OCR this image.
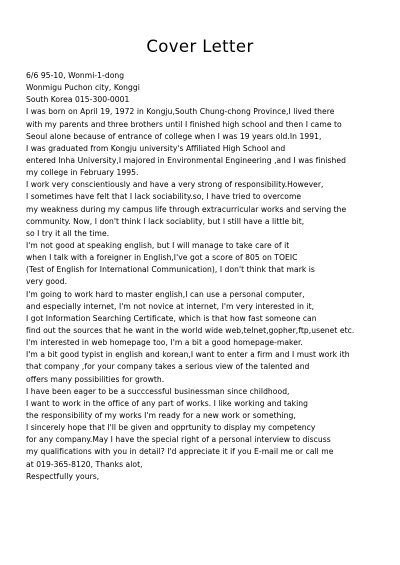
Cover Letter
6/6 95-10, Wonmi-1-dong
Wonmigu Puchon city, Konggi
South Korea 015-300-0001
I was born on April 19, 1972 in Kongju,South Chung-chong Province,I lived there
with my parents and three brothers until I finished high school and then I came to
Seoul alone because of entrance of college when I was 19 years old.In 1991,
I was graduated from Kongju university's Affiliated High School and
entered Inha University,I majored in Environmental Engineering ,and I was finished
my college in February 1995.
I work very conscientiously and have a very strong of responsibility.However,
I sometimes have felt that I lack sociability.so, I have tried to overcome
my weakness during my campus life through extracurricular works and serving the
community. Now, I don't think I lack sociablity, but I still have a little bit,
so I try it all the time.
I'm not good at speaking english, but I will manage to take care of it
when I talk with a foreigner in English,I've got a score of 805 on TOEIC
(Test of English for International Communication), I don't think that mark is
very good.
I'm going to work hard to master english,I can use a personal computer,
and especially internet, I'm not novice at internet, I'm very interested in it,
I got Information Searching Certificate, which is that how fast someone can
find out the sources that he want in the world wide web,telnet,gopher,ftp,usenet etc.
I'm interested in web homepage too, I'm a bit a good homepage-maker.
I'm a bit good typist in english and korean,I want to enter a firm and I must work ith
that company ,for your company takes a serious view of the talented and
offers many possibilities for growth.
I have been eager to be a succcessful businessman since childhood,
I want to work in the office of any part of works. I like working and taking
the responsibility of my works I'm ready for a new work or something,
I sincerely hope that I'll be given and opprtunity to display my competency
for any company.May I have the special right of a personal interview to discuss
my qualifications with you in detail? I'd appreciate it if you E-mail me or call me
at 019-365-8120, Thanks alot,
Respectfully yours,
